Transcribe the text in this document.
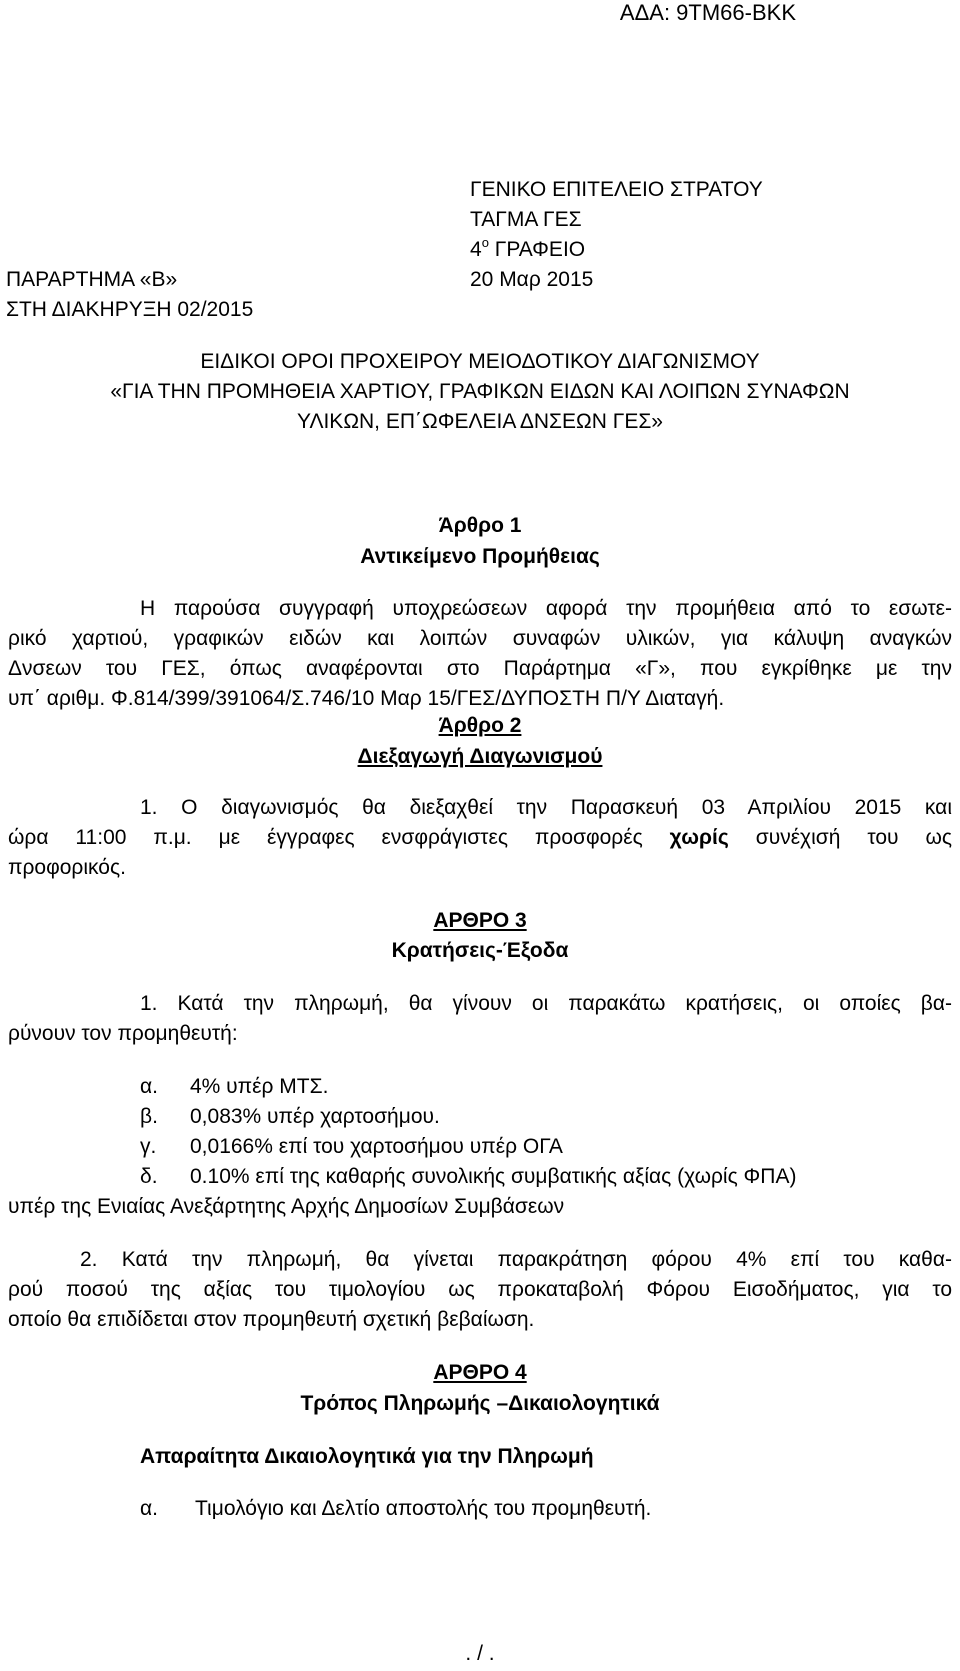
ΑΔΑ: 9ΤΜ66-ΒΚΚ
ΓΕΝΙΚΟ ΕΠΙΤΕΛΕΙΟ ΣΤΡΑΤΟΥ
ΤΑΓΜΑ ΓΕΣ
$4^o$ ΓΡΑΦΕΙΟ
ΠΑΡΑΡΤΗΜΑ «Β»	20 Μαρ 2015
ΣΤΗ ΔΙΑΚΗΡΥΞΗ 02/2015
ΕΙΔΙΚΟΙ ΟΡΟΙ ΠΡΟΧΕΙΡΟΥ ΜΕΙΟΔΟΤΙΚΟΥ ΔΙΑΓΩΝΙΣΜΟΥ
«ΓΙΑ ΤΗΝ ΠΡΟΜΗΘΕΙΑ ΧΑΡΤΙΟΥ, ΓΡΑΦΙΚΩΝ ΕΙΔΩΝ ΚΑΙ ΛΟΙΠΩΝ ΣΥΝΑΦΩΝ
ΥΛΙΚΩΝ, ΕΠ΄ΩΦΕΛΕΙΑ ΔΝΣΕΩΝ ΓΕΣ»
Άρθρο 1
Αντικείμενο Προμήθειας
Η παρούσα συγγραφή υποχρεώσεων αφορά την προμήθεια από το εσωτε-
ρικό χαρτιού, γραφικών ειδών και λοιπών συναφών υλικών, για κάλυψη αναγκών
Δνσεων του ΓΕΣ, όπως αναφέρονται στο Παράρτημα «Γ», που εγκρίθηκε με την
υπ΄ αριθμ. Φ.814/399/391064/Σ.746/10 Μαρ 15/ΓΕΣ/ΔΥΠΟΣΤΗ Π/Υ Διαταγή.
Άρθρο 2
Διεξαγωγή Διαγωνισμού
1. Ο διαγωνισμός θα διεξαχθεί την Παρασκευή 03 Απριλίου 2015 και
ώρα 11:00 π.μ. με έγγραφες ενσφράγιστες προσφορές χωρίς συνέχισή του ως
προφορικός.
ΑΡΘΡΟ 3
Κρατήσεις-Έξοδα
1. Κατά την πληρωμή, θα γίνουν οι παρακάτω κρατήσεις, οι οποίες βα-
ρύνουν τον προμηθευτή:
α. 4% υπέρ ΜΤΣ.
β. 0,083% υπέρ χαρτοσήμου.
γ. 0,0166% επί του χαρτοσήμου υπέρ ΟΓΑ
δ. 0.10% επί της καθαρής συνολικής συμβατικής αξίας (χωρίς ΦΠΑ)
υπέρ της Ενιαίας Ανεξάρτητης Αρχής Δημοσίων Συμβάσεων
2. Κατά την πληρωμή, θα γίνεται παρακράτηση φόρου 4% επί του καθα-
ρού ποσού της αξίας του τιμολογίου ως προκαταβολή Φόρου Εισοδήματος, για το
οποίο θα επιδίδεται στον προμηθευτή σχετική βεβαίωση.
ΑΡΘΡΟ 4
Τρόπος Πληρωμής –Δικαιολογητικά
Απαραίτητα Δικαιολογητικά για την Πληρωμή
α. Τιμολόγιο και Δελτίο αποστολής του προμηθευτή.
. / .
